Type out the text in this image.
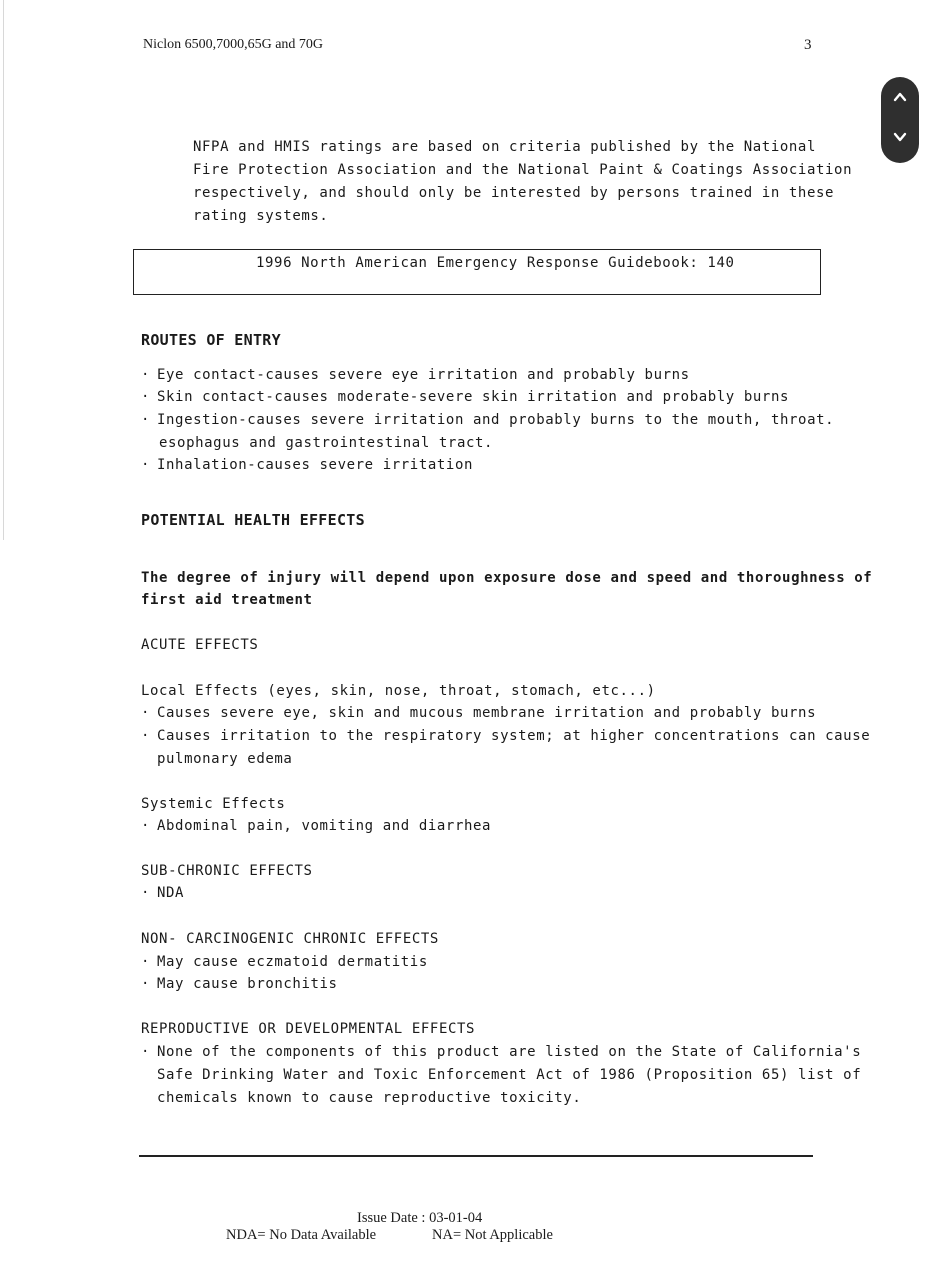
Niclon 6500,7000,65G and 70G	3
NFPA and HMIS ratings are based on criteria published by the National
Fire Protection Association and the National Paint & Coatings Association
respectively, and should only be interested by persons trained in these
rating systems.
1996 North American Emergency Response Guidebook: 140
ROUTES OF ENTRY
· Eye contact-causes severe eye irritation and probably burns
· Skin contact-causes moderate-severe skin irritation and probably burns
· Ingestion-causes severe irritation and probably burns to the mouth, throat.
esophagus and gastrointestinal tract.
· Inhalation-causes severe irritation
POTENTIAL HEALTH EFFECTS
The degree of injury will depend upon exposure dose and speed and thoroughness of
first aid treatment
ACUTE EFFECTS
Local Effects (eyes, skin, nose, throat, stomach, etc...)
· Causes severe eye, skin and mucous membrane irritation and probably burns
· Causes irritation to the respiratory system; at higher concentrations can cause
pulmonary edema
Systemic Effects
· Abdominal pain, vomiting and diarrhea
SUB-CHRONIC EFFECTS
· NDA
NON- CARCINOGENIC CHRONIC EFFECTS
· May cause eczmatoid dermatitis
· May cause bronchitis
REPRODUCTIVE OR DEVELOPMENTAL EFFECTS
· None of the components of this product are listed on the State of California's
Safe Drinking Water and Toxic Enforcement Act of 1986 (Proposition 65) list of
chemicals known to cause reproductive toxicity.
Issue Date : 03-01-04
NDA= No Data Available	NA= Not Applicable
